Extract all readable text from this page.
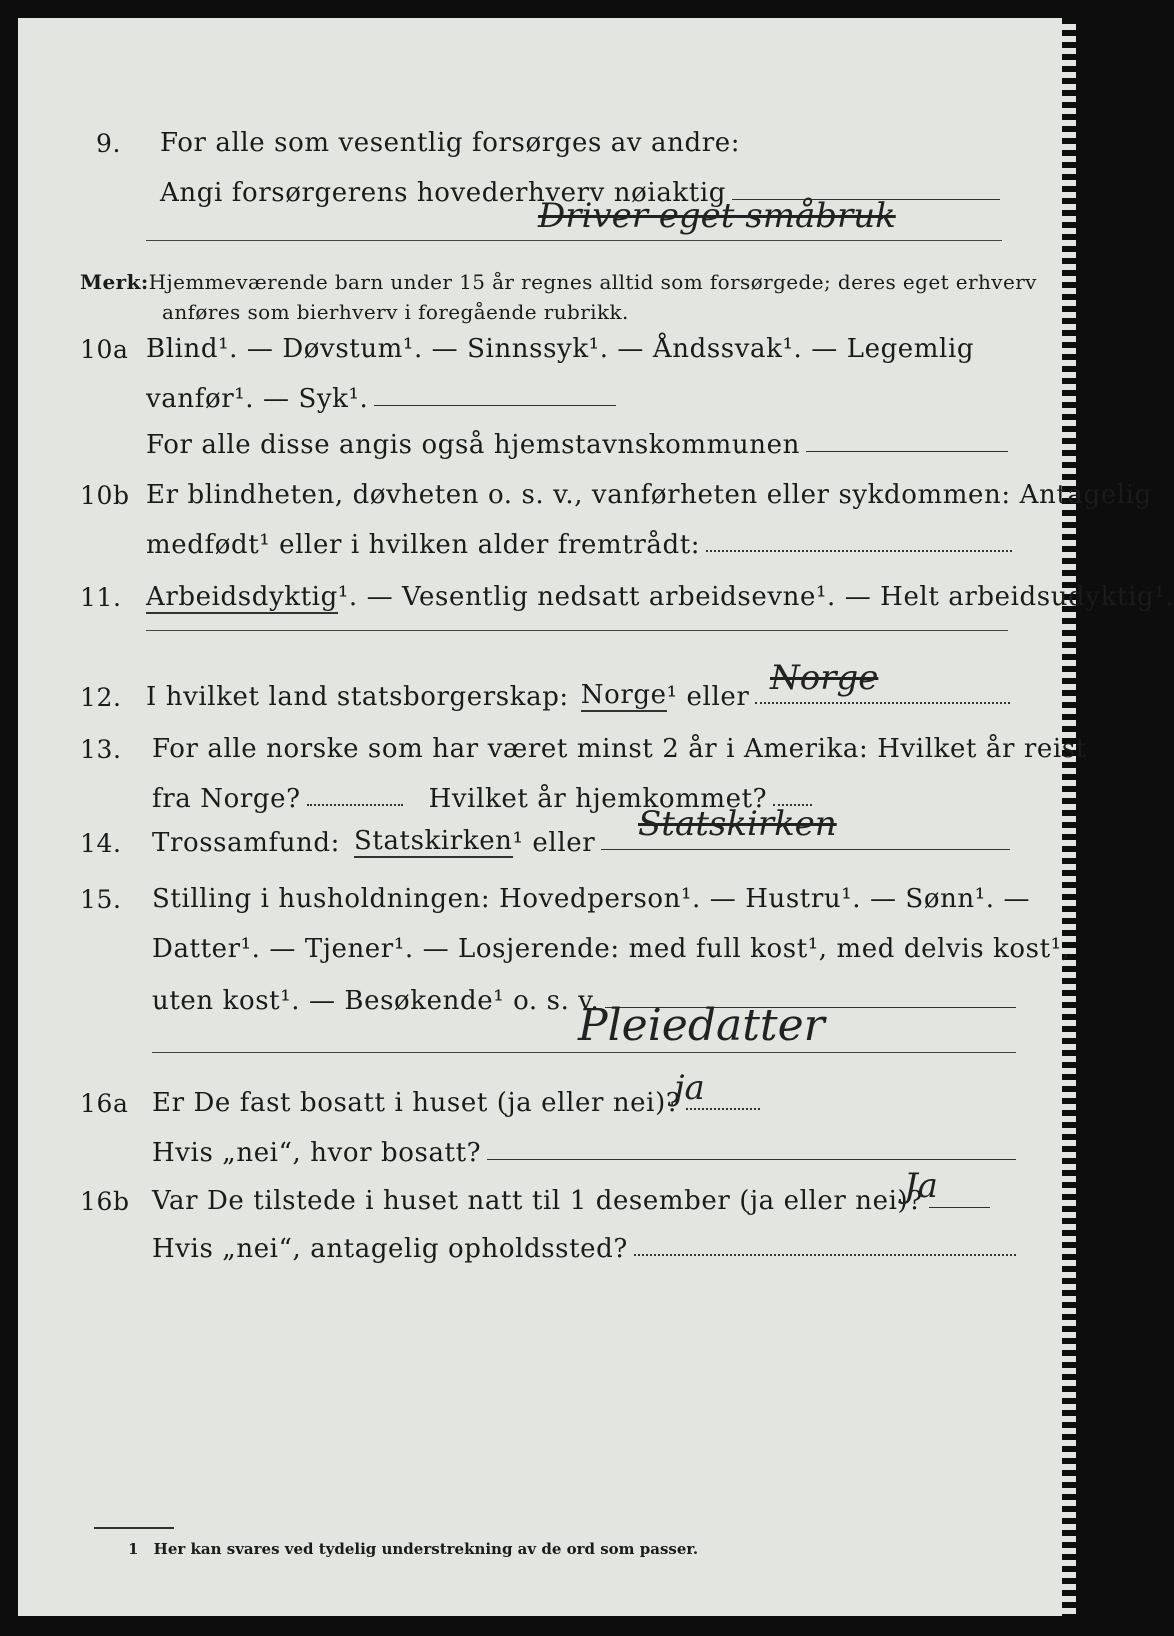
9.	For alle som vesentlig forsørges av andre:
Angi forsørgerens hovederhverv nøiaktig
Driver eget småbruk
Merk: Hjemmeværende barn under 15 år regnes alltid som forsørgede; deres eget erhverv
anføres som bierhverv i foregående rubrikk.
10a Blind¹. — Døvstum¹. — Sinnssyk¹. — Åndssvak¹. — Legemlig
vanfør¹. — Syk¹.
For alle disse angis også hjemstavnskommunen
10b Er blindheten, døvheten o. s. v., vanførheten eller sykdommen: Antagelig
medfødt¹ eller i hvilken alder fremtrådt:
11. Arbeidsdyktig¹. — Vesentlig nedsatt arbeidsevne¹. — Helt arbeidsudyktig¹.
12. I hvilket land statsborgerskap: Norge ¹ eller Norge
13.	For alle norske som har været minst 2 år i Amerika: Hvilket år reist
fra Norge?	Hvilket år hjemkommet?
14.	Trossamfund: Statskirken ¹ eller Statskirken
15.	Stilling i husholdningen: Hovedperson¹. — Hustru¹. — Sønn¹. —
Datter¹. — Tjener¹. — Losjerende: med full kost¹, med delvis kost¹,
uten kost¹. — Besøkende¹ o. s. v.
Pleiedatter
16a Er De fast bosatt i huset (ja eller nei)?
ja
Hvis „nei“, hvor bosatt?
16b Var De tilstede i huset natt til 1 desember (ja eller nei)?
Ja
Hvis „nei“, antagelig opholdssted?
1 Her kan svares ved tydelig understrekning av de ord som passer.
